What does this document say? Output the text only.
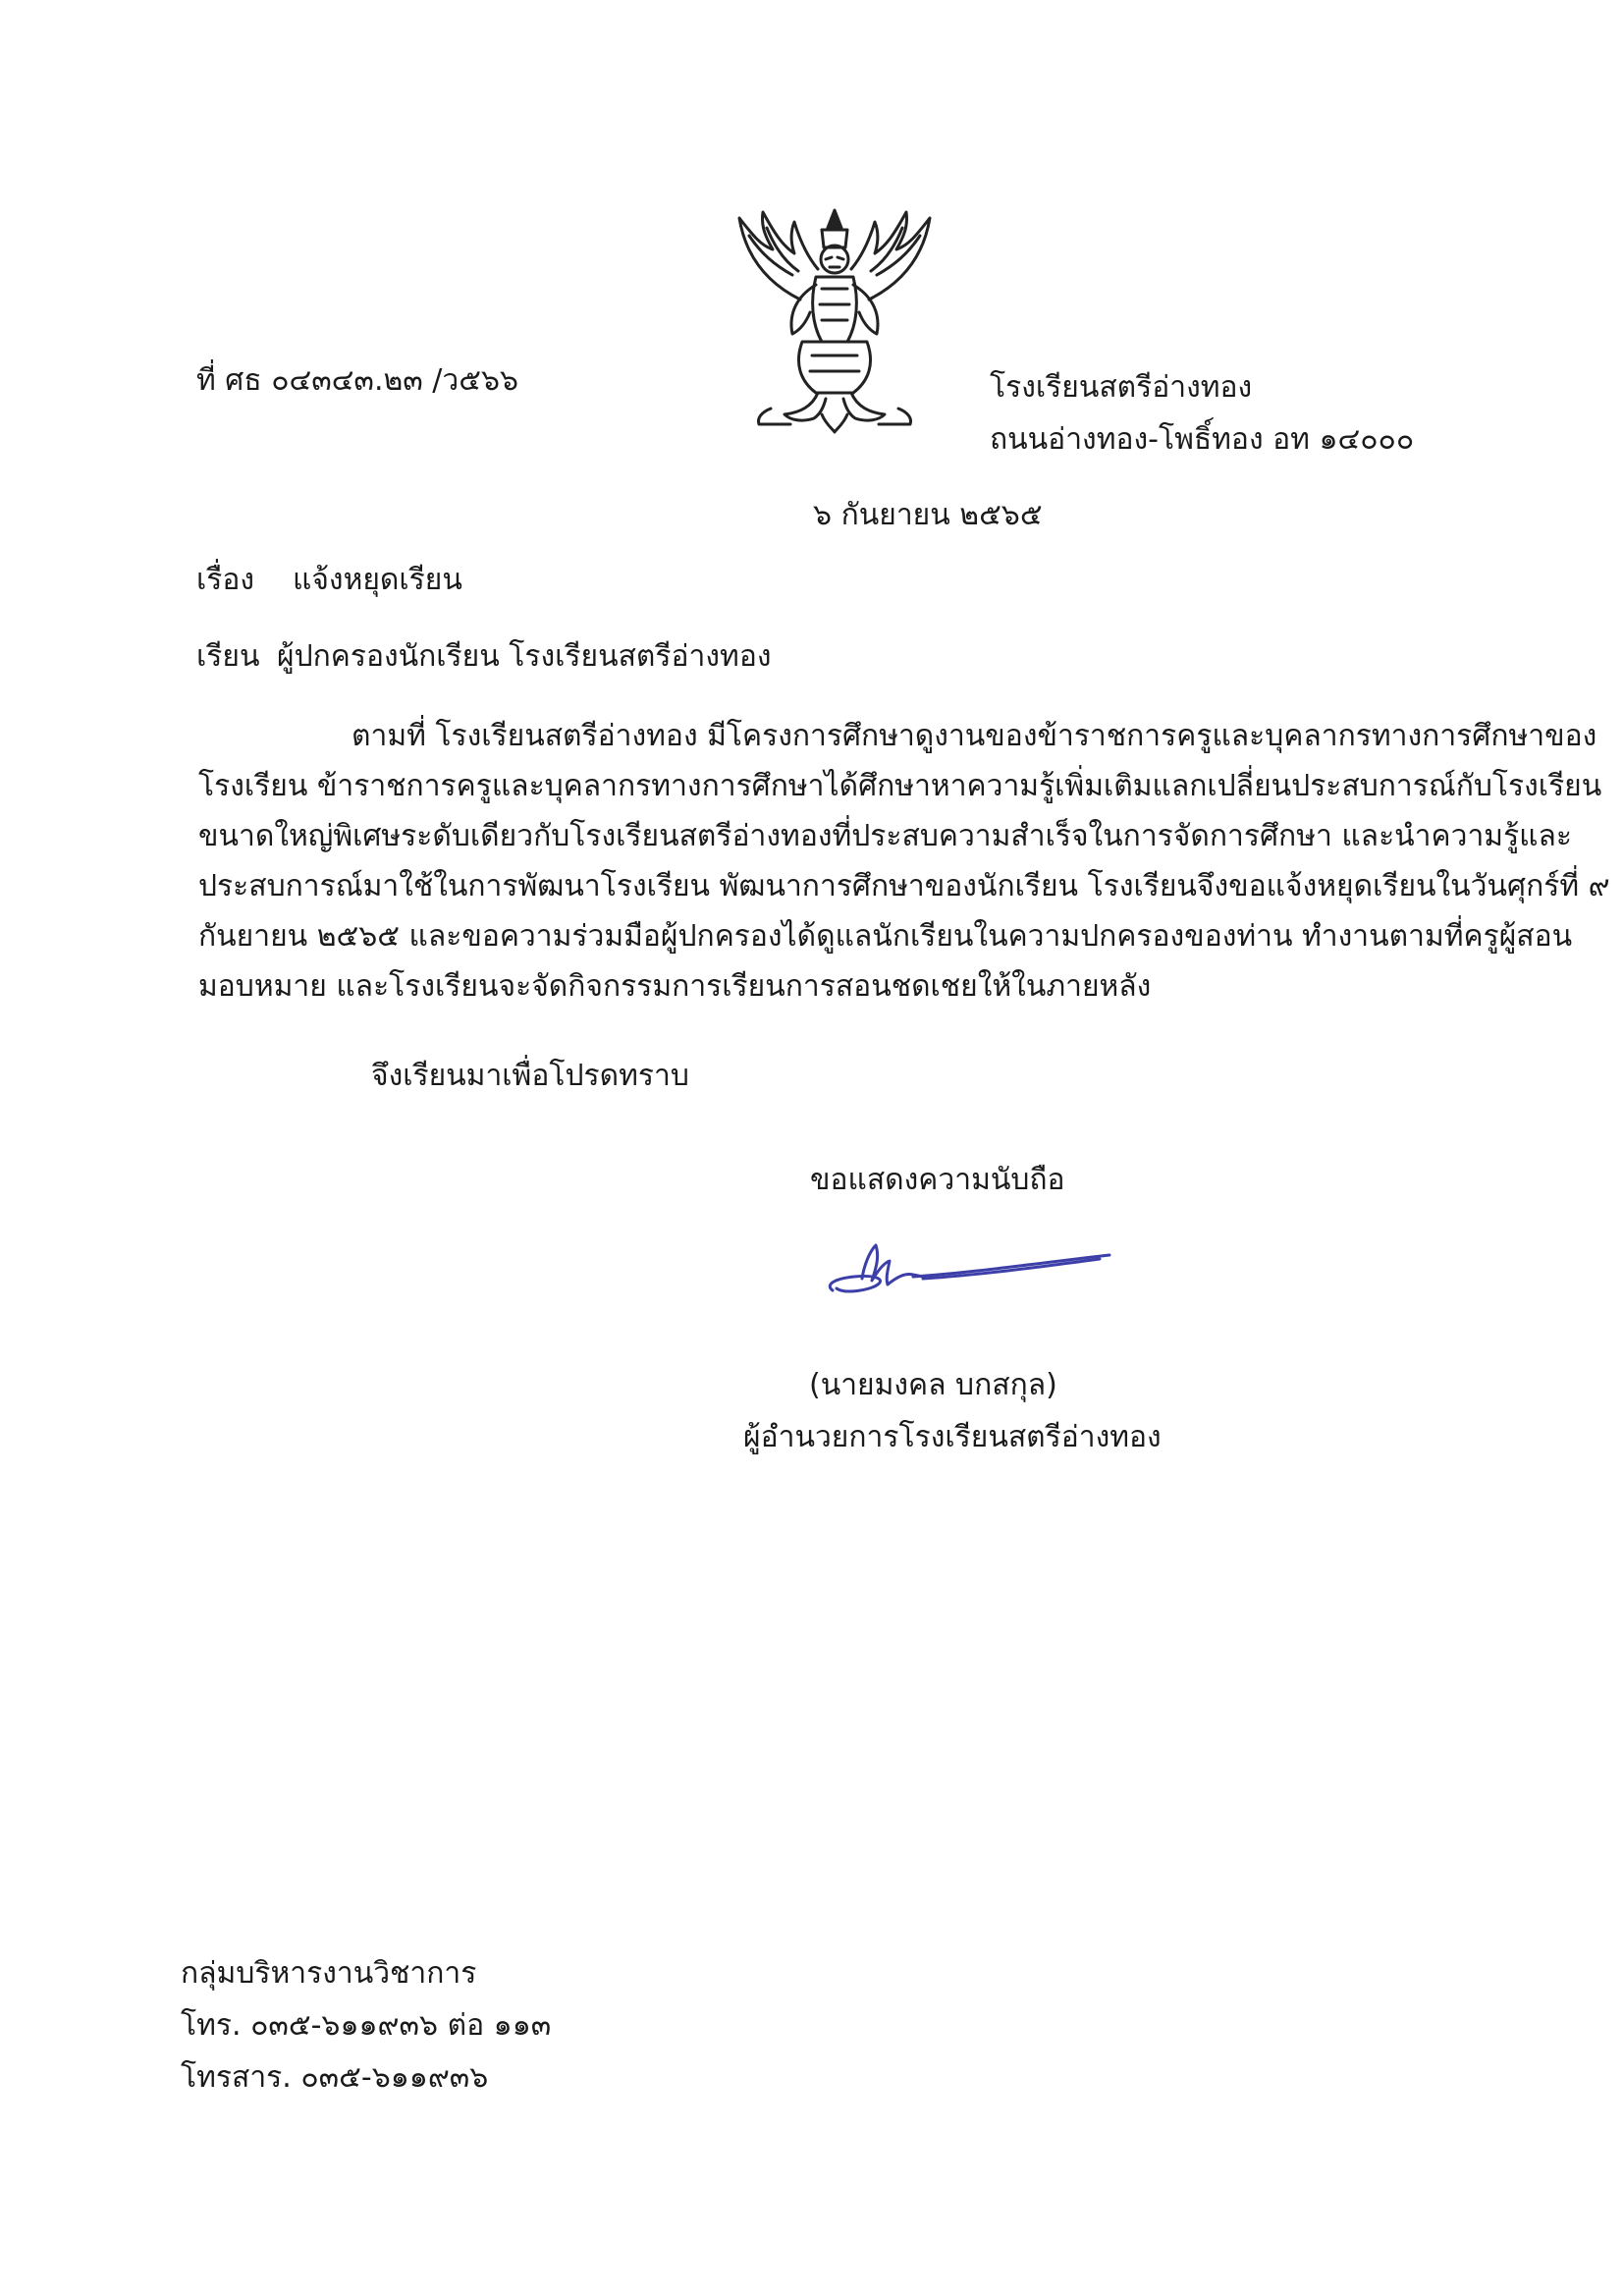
ที่ ศธ ๐๔๓๔๓.๒๓ /ว๕๖๖	โรงเรียนสตรีอ่างทอง
ถนนอ่างทอง-โพธิ์ทอง อท ๑๔๐๐๐
๖ กันยายน ๒๕๖๕
เรื่อง แจ้งหยุดเรียน
เรียน ผู้ปกครองนักเรียน โรงเรียนสตรีอ่างทอง
ตามที่ โรงเรียนสตรีอ่างทอง มีโครงการศึกษาดูงานของข้าราชการครูและบุคลากรทางการศึกษาของ
โรงเรียน ข้าราชการครูและบุคลากรทางการศึกษาได้ศึกษาหาความรู้เพิ่มเติมแลกเปลี่ยนประสบการณ์กับโรงเรียน
ขนาดใหญ่พิเศษระดับเดียวกับโรงเรียนสตรีอ่างทองที่ประสบความสำเร็จในการจัดการศึกษา และนำความรู้และ
ประสบการณ์มาใช้ในการพัฒนาโรงเรียน พัฒนาการศึกษาของนักเรียน โรงเรียนจึงขอแจ้งหยุดเรียนในวันศุกร์ที่ ๙
กันยายน ๒๕๖๕ และขอความร่วมมือผู้ปกครองได้ดูแลนักเรียนในความปกครองของท่าน ทำงานตามที่ครูผู้สอน
มอบหมาย และโรงเรียนจะจัดกิจกรรมการเรียนการสอนชดเชยให้ในภายหลัง
จึงเรียนมาเพื่อโปรดทราบ
ขอแสดงความนับถือ
(นายมงคล บกสกุล)
ผู้อำนวยการโรงเรียนสตรีอ่างทอง
กลุ่มบริหารงานวิชาการ
โทร. ๐๓๕-๖๑๑๙๓๖ ต่อ ๑๑๓
โทรสาร. ๐๓๕-๖๑๑๙๓๖
